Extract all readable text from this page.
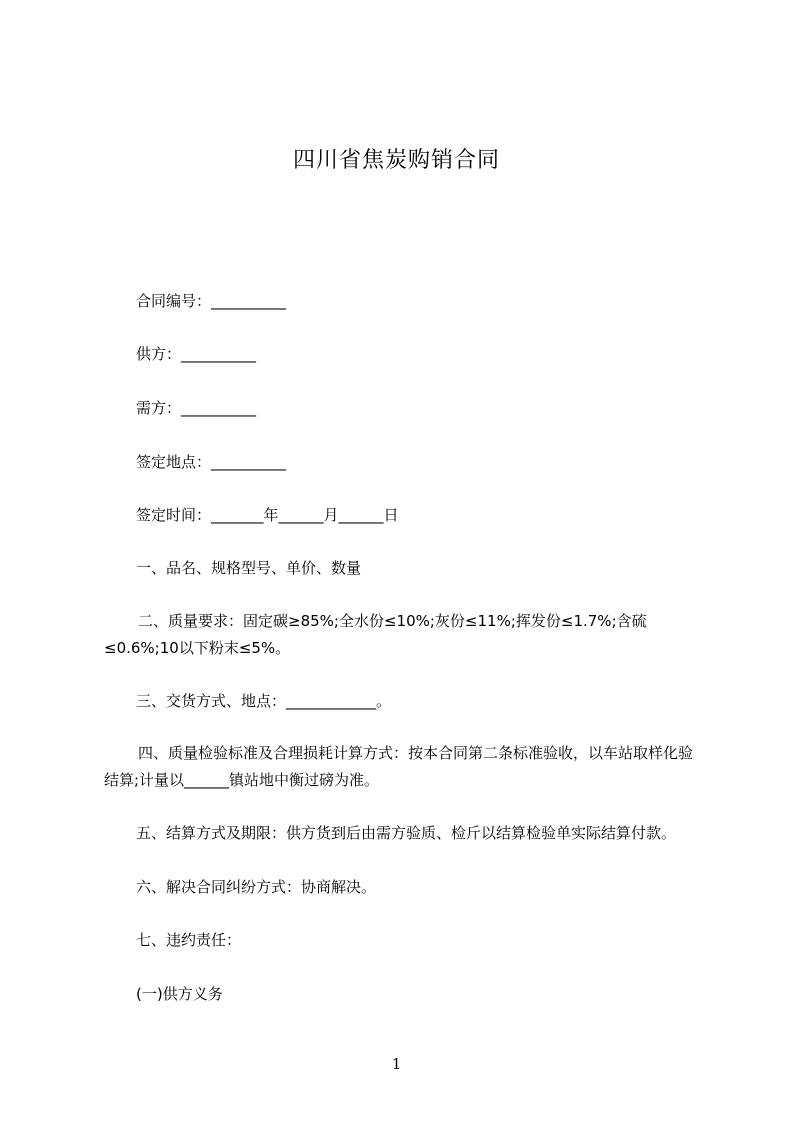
四川省焦炭购销合同
合同编号：__________
供方：__________
需方：__________
签定地点：__________
签定时间：_______年______月______日
一、品名、规格型号、单价、数量
二、质量要求：固定碳≥85%;全水份≤10%;灰份≤11%;挥发份≤1.7%;含硫≤0.6%;10以下粉末≤5%。
三、交货方式、地点：____________。
四、质量检验标准及合理损耗计算方式：按本合同第二条标准验收，以车站取样化验结算;计量以______镇站地中衡过磅为准。
五、结算方式及期限：供方货到后由需方验质、检斤以结算检验单实际结算付款。
六、解决合同纠纷方式：协商解决。
七、违约责任：
(一)供方义务
1
